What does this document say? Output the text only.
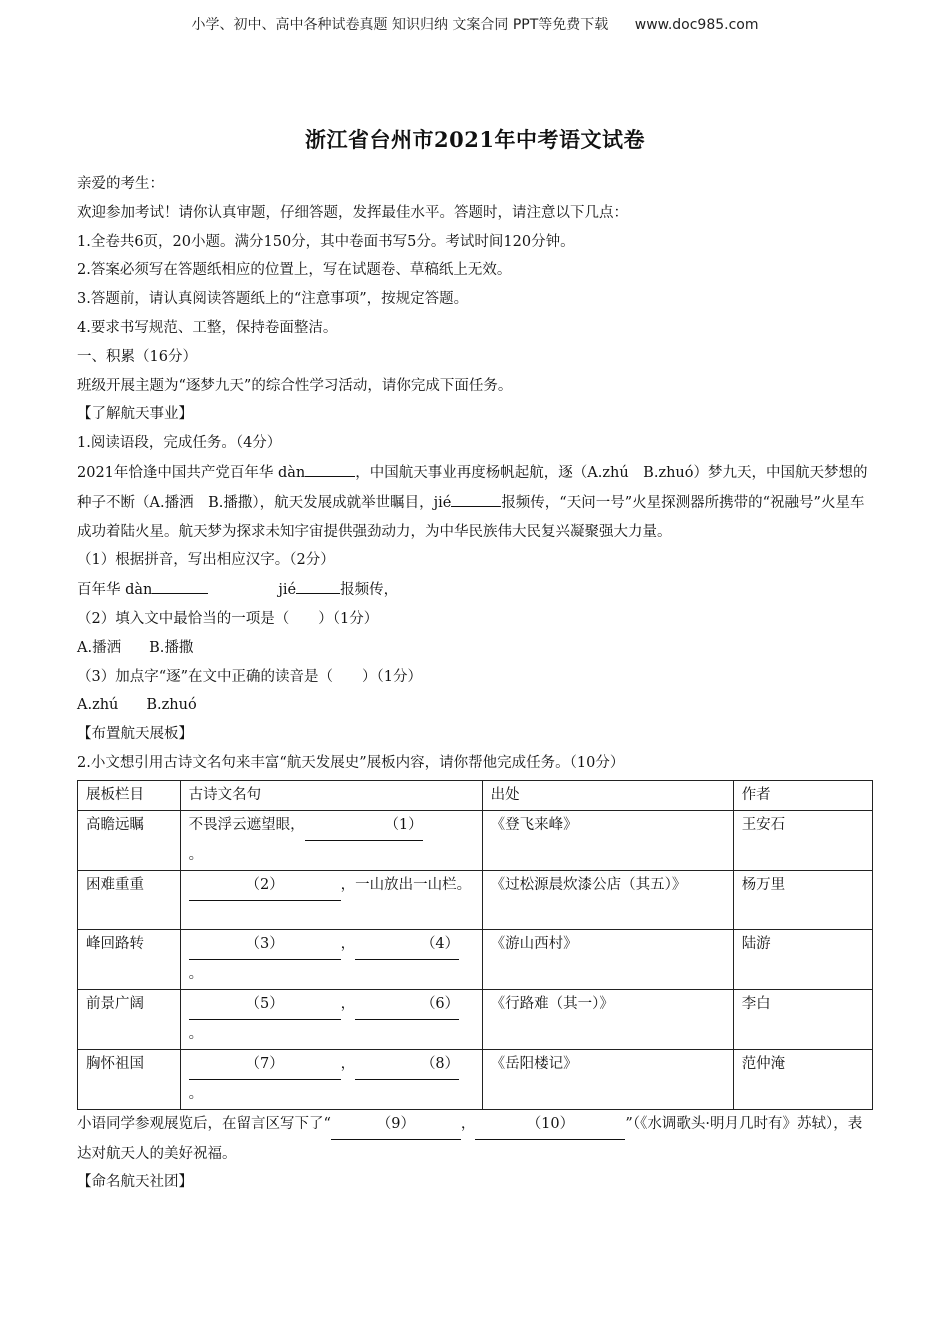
小学、初中、高中各种试卷真题 知识归纳 文案合同 PPT等免费下载 www.doc985.com
浙江省台州市2021年中考语文试卷

亲爱的考生：

欢迎参加考试！请你认真审题，仔细答题，发挥最佳水平。答题时，请注意以下几点：

1.全卷共6页，20小题。满分150分，其中卷面书写5分。考试时间120分钟。

2.答案必须写在答题纸相应的位置上，写在试题卷、草稿纸上无效。

3.答题前，请认真阅读答题纸上的“注意事项”，按规定答题。

4.要求书写规范、工整，保持卷面整洁。

一、积累（16分）

班级开展主题为“逐梦九天”的综合性学习活动，请你完成下面任务。

【了解航天事业】

1.阅读语段，完成任务。（4分）

2021年恰逢中国共产党百年华 dàn	，中国航天事业再度杨帆起航，逐（A.zhú　B.zhuó）梦九天，中国航天梦想的种子不断（A.播洒　B.播撒），航天发展成就举世瞩目，jié	报频传，“天问一号”火星探测器所携带的“祝融号”火星车成功着陆火星。航天梦为探求未知宇宙提供强劲动力，为中华民族伟大民复兴凝聚强大力量。

（1）根据拼音，写出相应汉字。（2分）

百年华 dàn	jié	报频传，

（2）填入文中最恰当的一项是（　　）（1分）

A.播洒 B.播撒

（3）加点字“逐”在文中正确的读音是（　　）（1分）

A.zhú B.zhuó

【布置航天展板】

2.小文想引用古诗文名句来丰富“航天发展史”展板内容，请你帮他完成任务。（10分）

展板栏目	古诗文名句	出处	作者
高瞻远瞩	不畏浮云遮望眼， （1）
。	《登飞来峰》	王安石
困难重重	（2） ，一山放出一山栏。	《过松源晨炊漆公店（其五）》	杨万里
峰回路转	（3） ， （4）
。	《游山西村》	陆游
前景广阔	（5） ， （6）
。	《行路难（其一）》	李白
胸怀祖国	（7） ， （8）
。	《岳阳楼记》	范仲淹

小语同学参观展览后，在留言区写下了“	（9）	，	（10）	”（《水调歌头·明月几时有》苏轼），表达对航天人的美好祝福。

【命名航天社团】
